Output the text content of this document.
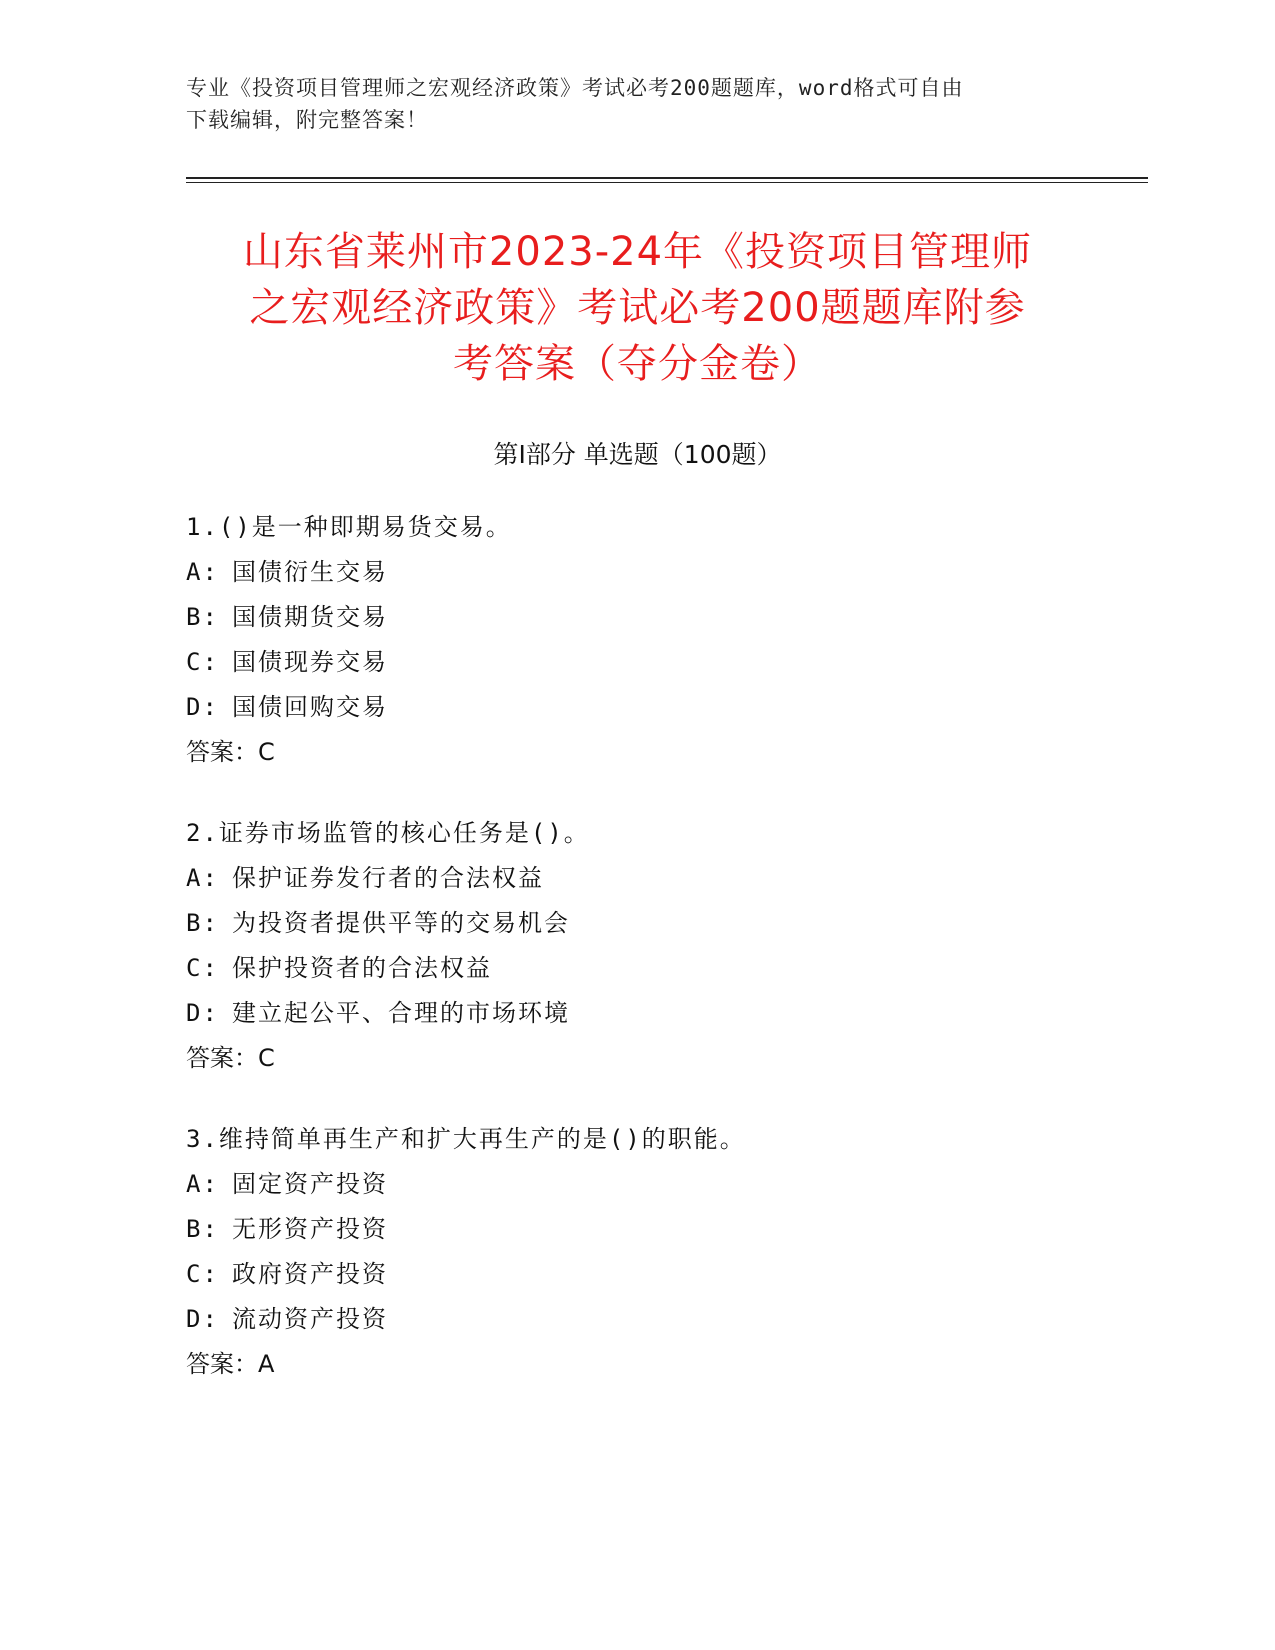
专业《投资项目管理师之宏观经济政策》考试必考200题题库，word格式可自由
下载编辑，附完整答案！
山东省莱州市2023-24年《投资项目管理师
之宏观经济政策》考试必考200题题库附参
考答案（夺分金卷）
第Ⅰ部分 单选题（100题）
1.()是一种即期易货交易。
A: 国债衍生交易
B: 国债期货交易
C: 国债现券交易
D: 国债回购交易
答案：C
2.证券市场监管的核心任务是()。
A: 保护证券发行者的合法权益
B: 为投资者提供平等的交易机会
C: 保护投资者的合法权益
D: 建立起公平、合理的市场环境
答案：C
3.维持简单再生产和扩大再生产的是()的职能。
A: 固定资产投资
B: 无形资产投资
C: 政府资产投资
D: 流动资产投资
答案：A
